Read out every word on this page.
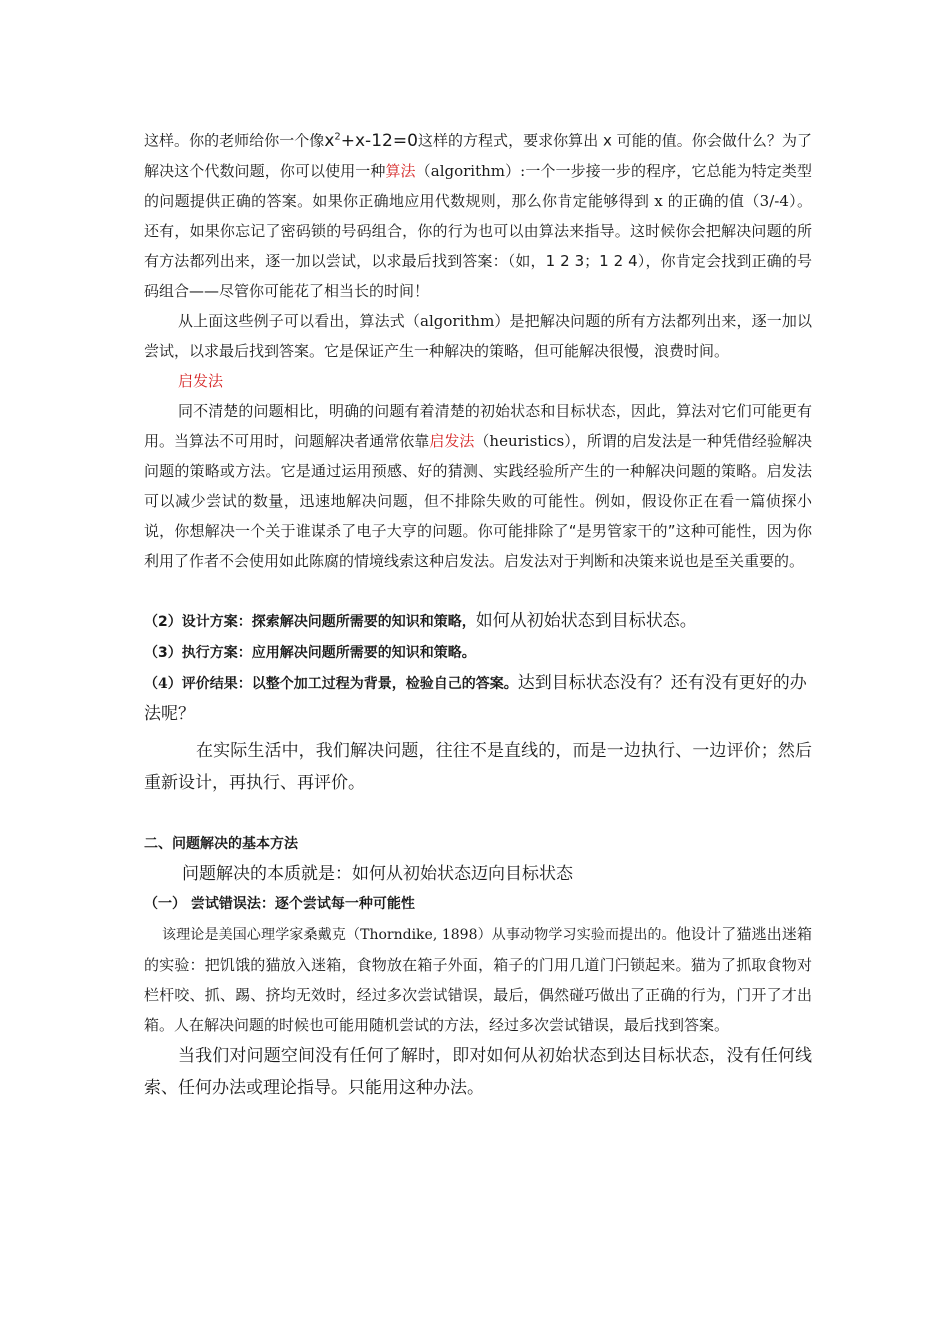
这样。你的老师给你一个像$x^2+x-12=0$这样的方程式，要求你算出 x 可能的值。你会做什么？为了解决这个代数问题，你可以使用一种算法（algorithm）:一个一步接一步的程序，它总能为特定类型的问题提供正确的答案。如果你正确地应用代数规则，那么你肯定能够得到 x 的正确的值（3/-4）。还有，如果你忘记了密码锁的号码组合，你的行为也可以由算法来指导。这时候你会把解决问题的所有方法都列出来，逐一加以尝试，以求最后找到答案：（如，1 2 3；1 2 4），你肯定会找到正确的号码组合——尽管你可能花了相当长的时间！

从上面这些例子可以看出，算法式（algorithm）是把解决问题的所有方法都列出来，逐一加以尝试，以求最后找到答案。它是保证产生一种解决的策略，但可能解决很慢，浪费时间。

启发法

同不清楚的问题相比，明确的问题有着清楚的初始状态和目标状态，因此，算法对它们可能更有用。当算法不可用时，问题解决者通常依靠启发法（heuristics），所谓的启发法是一种凭借经验解决问题的策略或方法。它是通过运用预感、好的猜测、实践经验所产生的一种解决问题的策略。启发法可以减少尝试的数量，迅速地解决问题，但不排除失败的可能性。例如，假设你正在看一篇侦探小说，你想解决一个关于谁谋杀了电子大亨的问题。你可能排除了“是男管家干的”这种可能性，因为你利用了作者不会使用如此陈腐的情境线索这种启发法。启发法对于判断和决策来说也是至关重要的。

（2）设计方案：探索解决问题所需要的知识和策略，如何从初始状态到目标状态。

（3）执行方案：应用解决问题所需要的知识和策略。

（4）评价结果：以整个加工过程为背景，检验自己的答案。达到目标状态没有？还有没有更好的办法呢？

在实际生活中，我们解决问题，往往不是直线的，而是一边执行、一边评价；然后重新设计，再执行、再评价。

二、问题解决的基本方法

问题解决的本质就是：如何从初始状态迈向目标状态

（一） 尝试错误法：逐个尝试每一种可能性

该理论是美国心理学家桑戴克（Thorndike, 1898）从事动物学习实验而提出的。他设计了猫逃出迷箱的实验：把饥饿的猫放入迷箱，食物放在箱子外面，箱子的门用几道门闩锁起来。猫为了抓取食物对栏杆咬、抓、踢、挤均无效时，经过多次尝试错误，最后，偶然碰巧做出了正确的行为，门开了才出箱。人在解决问题的时候也可能用随机尝试的方法，经过多次尝试错误，最后找到答案。

当我们对问题空间没有任何了解时，即对如何从初始状态到达目标状态，没有任何线索、任何办法或理论指导。只能用这种办法。
